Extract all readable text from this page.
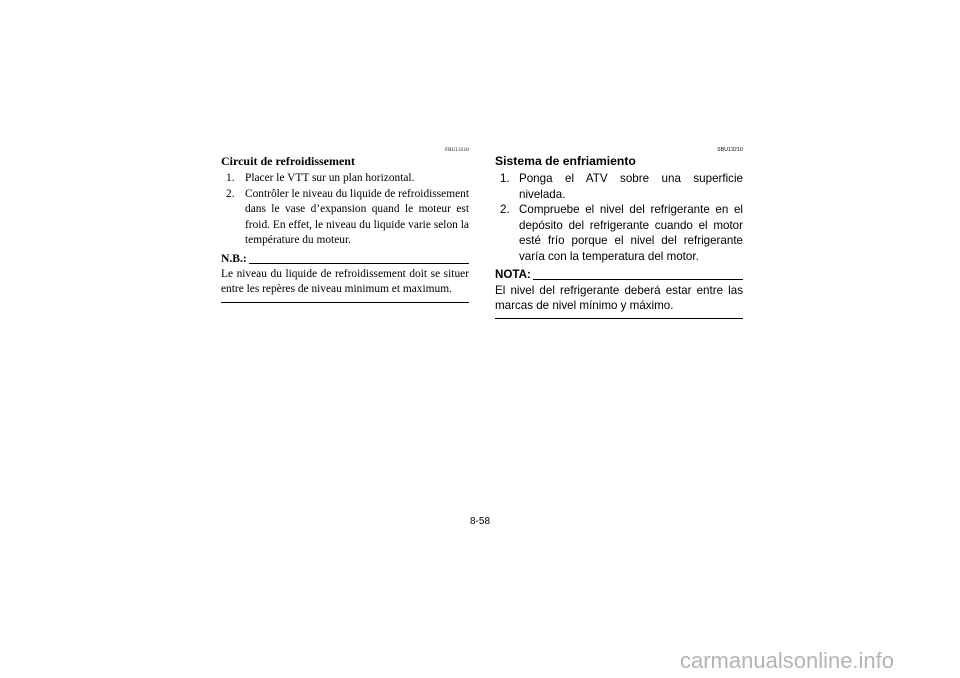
FBU13210
Circuit de refroidissement
1. Placer le VTT sur un plan horizontal.
2. Contrôler le niveau du liquide de refroidissement dans le vase d’expansion quand le moteur est froid. En effet, le niveau du liquide varie selon la température du moteur.
N.B.:

Le niveau du liquide de refroidissement doit se situer entre les repères de niveau minimum et maximum.

SBU13210
Sistema de enfriamiento
1. Ponga el ATV sobre una superficie nivelada.
2. Compruebe el nivel del refrigerante en el depósito del refrigerante cuando el motor esté frío porque el nivel del refrigerante varía con la temperatura del motor.
NOTA:

El nivel del refrigerante deberá estar entre las marcas de nivel mínimo y máximo.

8-58
carmanualsonline.info
